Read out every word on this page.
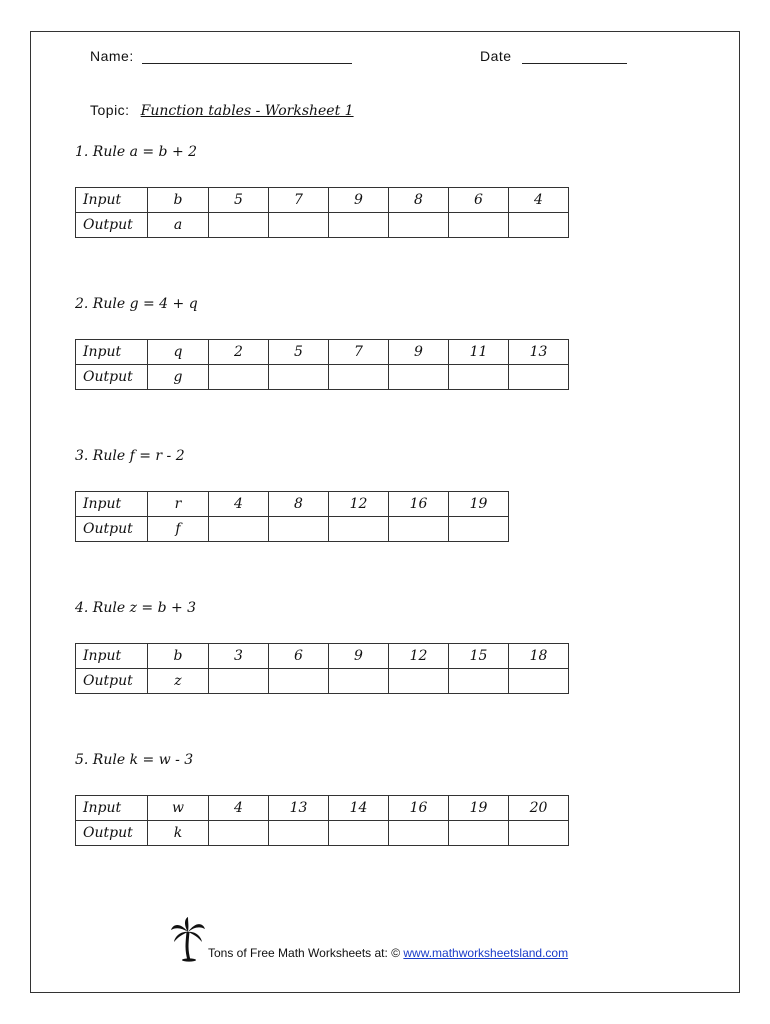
Name:	Date
Topic: Function tables - Worksheet 1
1. Rule a = b + 2
Input	b	5	7	9	8	6	4
Output	a						
2. Rule g = 4 + q
Input	q	2	5	7	9	11	13
Output	g						
3. Rule f = r - 2
Input	r	4	8	12	16	19
Output	f					
4. Rule z = b + 3
Input	b	3	6	9	12	15	18
Output	z						
5. Rule k = w - 3
Input	w	4	13	14	16	19	20
Output	k						
Tons of Free Math Worksheets at: © www.mathworksheetsland.com
